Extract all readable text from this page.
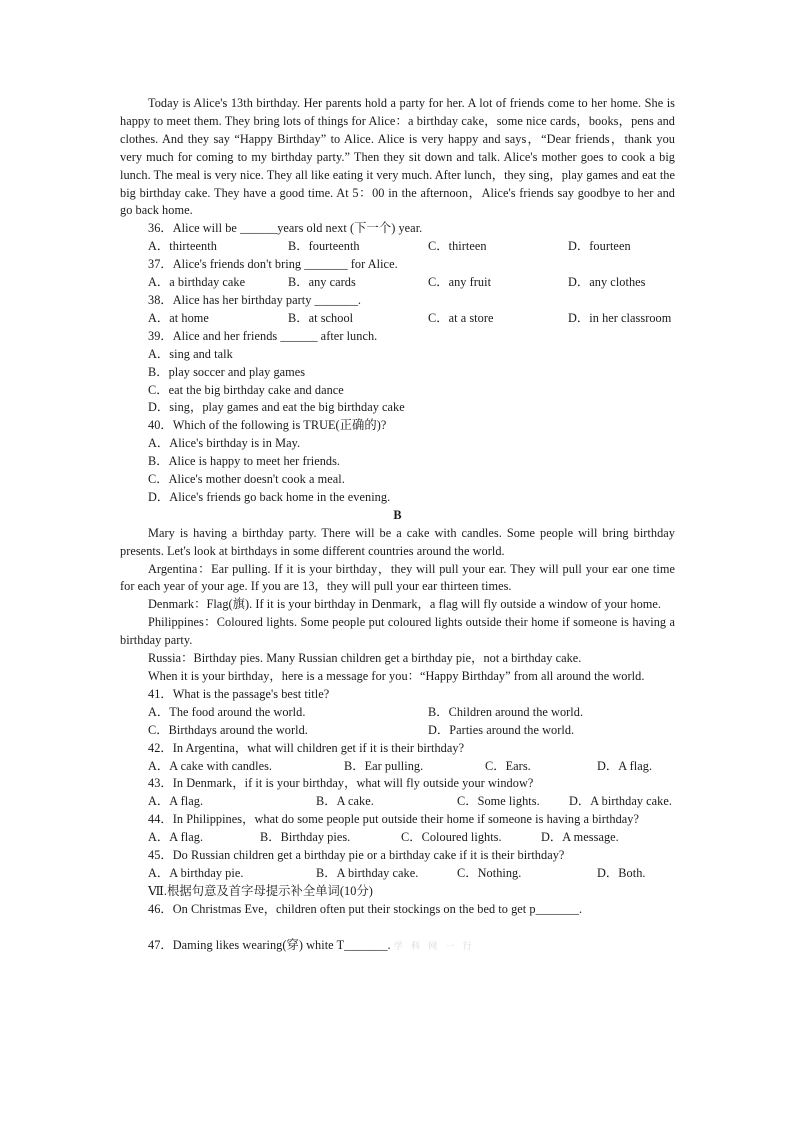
Today is Alice's 13th birthday. Her parents hold a party for her. A lot of friends come to her home. She is happy to meet them. They bring lots of things for Alice：a birthday cake，some nice cards，books，pens and clothes. And they say “Happy Birthday” to Alice. Alice is very happy and says，“Dear friends，thank you very much for coming to my birthday party.” Then they sit down and talk. Alice's mother goes to cook a big lunch. The meal is very nice. They all like eating it very much. After lunch，they sing，play games and eat the big birthday cake. They have a good time. At 5：00 in the afternoon，Alice's friends say goodbye to her and go back home.

36．Alice will be ______years old next (下一个) year.

A．thirteenth	B．fourteenth	C．thirteen	D．fourteen

37．Alice's friends don't bring _______ for Alice.

A．a birthday cake	B．any cards	C．any fruit	D．any clothes

38．Alice has her birthday party _______.

A．at home	B．at school	C．at a store	D．in her classroom

39．Alice and her friends ______ after lunch.

A．sing and talk

B．play soccer and play games

C．eat the big birthday cake and dance

D．sing，play games and eat the big birthday cake

40．Which of the following is TRUE(正确的)?

A．Alice's birthday is in May.

B．Alice is happy to meet her friends.

C．Alice's mother doesn't cook a meal.

D．Alice's friends go back home in the evening.

B

Mary is having a birthday party. There will be a cake with candles. Some people will bring birthday presents. Let's look at birthdays in some different countries around the world.

Argentina：Ear pulling. If it is your birthday，they will pull your ear. They will pull your ear one time for each year of your age. If you are 13，they will pull your ear thirteen times.

Denmark：Flag(旗). If it is your birthday in Denmark，a flag will fly outside a window of your home.

Philippines：Coloured lights. Some people put coloured lights outside their home if someone is having a birthday party.

Russia：Birthday pies. Many Russian children get a birthday pie，not a birthday cake.

When it is your birthday，here is a message for you：“Happy Birthday” from all around the world.

41．What is the passage's best title?

A．The food around the world.	B．Children around the world.
C．Birthdays around the world.	D．Parties around the world.

42．In Argentina，what will children get if it is their birthday?

A．A cake with candles.	B．Ear pulling.	C．Ears.	D．A flag.

43．In Denmark，if it is your birthday，what will fly outside your window?

A．A flag.	B．A cake.	C．Some lights.	D．A birthday cake.

44．In Philippines，what do some people put outside their home if someone is having a birthday?

A．A flag.	B．Birthday pies.	C．Coloured lights.	D．A message.

45．Do Russian children get a birthday pie or a birthday cake if it is their birthday?

A．A birthday pie.	B．A birthday cake.	C．Nothing.	D．Both.

Ⅶ.根据句意及首字母提示补全单词(10分)

46．On Christmas Eve，children often put their stockings on the bed to get p_______.

47．Daming likes wearing(穿) white T_______. 学 科 网 一 行
